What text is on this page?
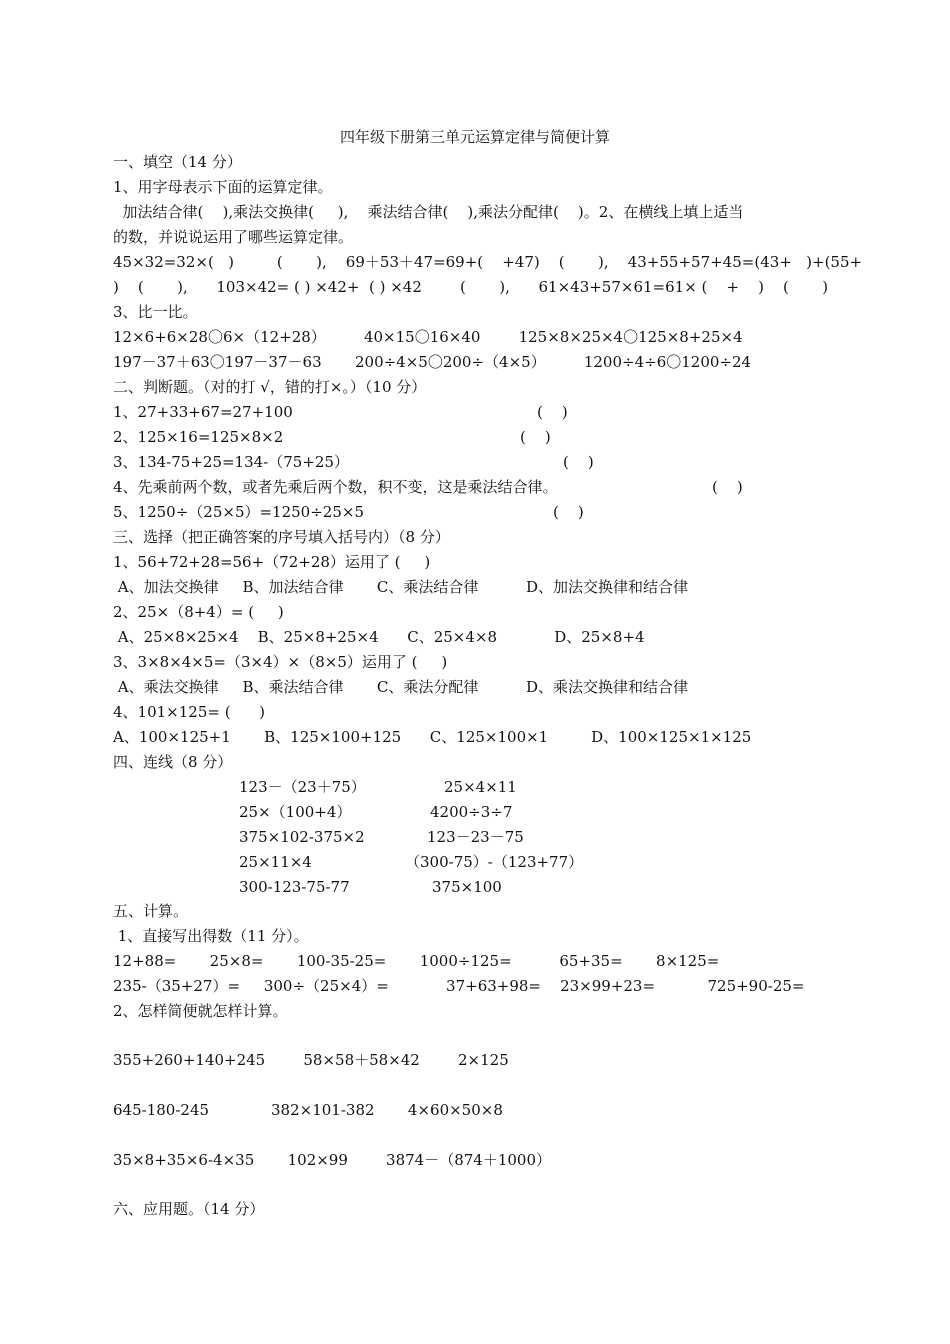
四年级下册第三单元运算定律与简便计算
一、填空（14 分）
1、用字母表示下面的运算定律。
加法结合律(    ),乘法交换律(     ),    乘法结合律(    ),乘法分配律(    )。2、在横线上填上适当
的数，并说说运用了哪些运算定律。
45×32=32×(   )         (       ),    69＋53＋47=69+(    +47)    (       ),    43+55+57+45=(43+   )+(55+
)    (       ),      103×42= ( ) ×42+  ( ) ×42        (       ),      61×43+57×61=61× (    +    )    (       )
3、比一比。
12×6+6×28〇6×（12+28）        40×15〇16×40        125×8×25×4〇125×8+25×4
197－37＋63〇197－37－63       200÷4×5〇200÷（4×5）        1200÷4÷6〇1200÷24
二、判断题。（对的打 √，错的打×。）（10 分）
1、27+33+67=27+100	(    )
2、125×16=125×8×2	(    )
3、134-75+25=134-（75+25）	(    )
4、先乘前两个数，或者先乘后两个数，积不变，这是乘法结合律。	(    )
5、1250÷（25×5）=1250÷25×5	(    )
三、选择（把正确答案的序号填入括号内）（8 分）
1、56+72+28=56+（72+28）运用了 (     )
A、加法交换律     B、加法结合律       C、乘法结合律          D、加法交换律和结合律
2、25×（8+4）= (     )
A、25×8×25×4    B、25×8+25×4      C、25×4×8            D、25×8+4
3、3×8×4×5=（3×4）×（8×5）运用了 (     )
A、乘法交换律     B、乘法结合律       C、乘法分配律          D、乘法交换律和结合律
4、101×125= (      )
A、100×125+1       B、125×100+125      C、125×100×1         D、100×125×1×125
四、连线（8 分）
123－（23＋75）	25×4×11
25×（100+4）	4200÷3÷7
375×102-375×2	123－23－75
25×11×4	（300-75）-（123+77）
300-123-75-77	375×100
五、计算。
1、直接写出得数（11 分）。
12+88=       25×8=       100-35-25=       1000÷125=          65+35=       8×125=
235-（35+27）=     300÷（25×4）=            37+63+98=    23×99+23=           725+90-25=
2、怎样简便就怎样计算。
355+260+140+245        58×58＋58×42        2×125
645-180-245             382×101-382       4×60×50×8
35×8+35×6-4×35       102×99        3874－（874＋1000）
六、应用题。（14 分）
